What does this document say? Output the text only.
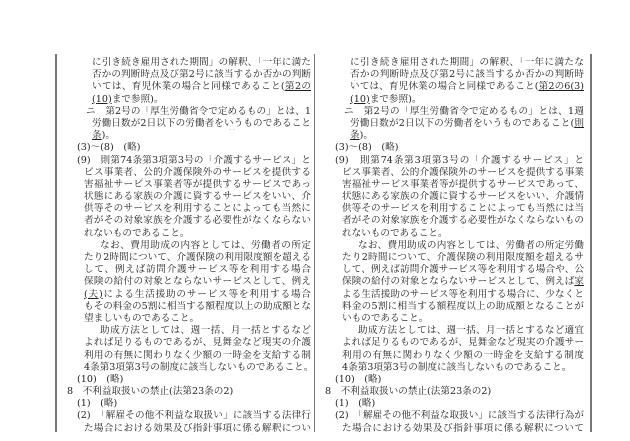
に引き続き雇用された期間」の解釈、「一年に満た
否かの判断時点及び第2号に該当するか否かの判断
いては、育児休業の場合と同様であること(第2の
(10)まで参照)。
ニ　第2号の「厚生労働省令で定めるもの」とは、1
労働日数が2日以下の労働者をいうものであること
条)。
(3)～(8)　(略)
(9)　則第74条第3項第3号の「介護するサービス」と
ビス事業者、公的介護保険外のサービスを提供する
害福祉サービス事業者等が提供するサービスであっ
状態にある家族の介護に資するサービスをいい、介
供等そのサービスを利用することによっても当然に
者がその対象家族を介護する必要性がなくならない
れないものであること。
なお、費用助成の内容としては、労働者の所定
たり2時間について、介護保険の利用限度額を超える
して、例えば訪問介護サービス等を利用する場合
保険の給付の対象とならないサービスとして、例え
(夫)による生活援助のサービス等を利用する場合
もその料金の5割に相当する額程度以上の助成額とな
望ましいものであること。
助成方法としては、週一括、月一括とするなど
よれば足りるものであるが、見舞金など現実の介護
利用の有無に関わりなく少額の一時金を支給する制
4条第3項第3号の制度に該当しないものであること。
(10)　(略)
8　不利益取扱いの禁止(法第23条の2)
(1)　(略)
(2)　「解雇その他不利益な取扱い」に該当する法律行
た場合における効果及び指針事項に係る解釈につい
に引き続き雇用された期間」の解釈、「一年に満たな
否かの判断時点及び第2号に該当するか否かの判断時
いては、育児休業の場合と同様であること(第2の6(3)
(10)まで参照)。
ニ　第2号の「厚生労働省令で定めるもの」とは、1週
労働日数が2日以下の労働者をいうものであること(則
条)。
(3)～(8)　(略)
(9)　則第74条第3項第3号の「介護するサービス」と
ビス事業者、公的介護保険外のサービスを提供する事業
害福祉サービス事業者等が提供するサービスであって、
状態にある家族の介護に資するサービスをいい、介護情
供等そのサービスを利用することによっても当然には当
者がその対象家族を介護する必要性がなくならないもの
れないものであること。
なお、費用助成の内容としては、労働者の所定労働
たり2時間について、介護保険の利用限度額を超えるサ
して、例えば訪問介護サービス等を利用する場合や、公
保険の給付の対象とならないサービスとして、例えば家
よる生活援助のサービス等を利用する場合に、少なくと
料金の5割に相当する額程度以上の助成額となることが
いものであること。
助成方法としては、週一括、月一括とするなど適宜
よれば足りるものであるが、見舞金など現実の介護サー
利用の有無に関わりなく少額の一時金を支給する制度
4条第3項第3号の制度に該当しないものであること。
(10)　(略)
8　不利益取扱いの禁止(法第23条の2)
(1)　(略)
(2)　「解雇その他不利益な取扱い」に該当する法律行為が
た場合における効果及び指針事項に係る解釈について
